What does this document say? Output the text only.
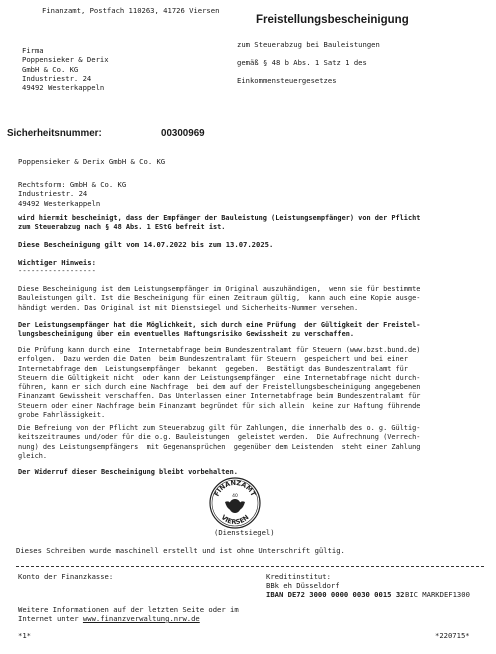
Finanzamt, Postfach 110263, 41726 Viersen
Freistellungsbescheinigung
zum Steuerabzug bei Bauleistungen
gemäß § 48 b Abs. 1 Satz 1 des
Einkommensteuergesetzes
Firma
Poppensieker & Derix
GmbH & Co. KG
Industriestr. 24
49492 Westerkappeln
Sicherheitsnummer:	00300969
Poppensieker & Derix GmbH & Co. KG
Rechtsform: GmbH & Co. KG
Industriestr. 24
49492 Westerkappeln
wird hiermit bescheinigt, dass der Empfänger der Bauleistung (Leistungsempfänger) von der Pflicht
zum Steuerabzug nach § 48 Abs. 1 EStG befreit ist.
Diese Bescheinigung gilt vom 14.07.2022 bis zum 13.07.2025.
Wichtiger Hinweis:
------------------
Diese Bescheinigung ist dem Leistungsempfänger im Original auszuhändigen,  wenn sie für bestimmte
Bauleistungen gilt. Ist die Bescheinigung für einen Zeitraum gültig,  kann auch eine Kopie ausge-
händigt werden. Das Original ist mit Dienstsiegel und Sicherheits-Nummer versehen.
Der Leistungsempfänger hat die Möglichkeit, sich durch eine Prüfung  der Gültigkeit der Freistel-
lungsbescheinigung über ein eventuelles Haftungsrisiko Gewissheit zu verschaffen.
Die Prüfung kann durch eine  Internetabfrage beim Bundeszentralamt für Steuern (www.bzst.bund.de)
erfolgen.  Dazu werden die Daten  beim Bundeszentralamt für Steuern  gespeichert und bei einer
Internetabfrage dem  Leistungsempfänger  bekannt  gegeben.  Bestätigt das Bundeszentralamt für
Steuern die Gültigkeit nicht  oder kann der Leistungsempfänger  eine Internetabfrage nicht durch-
führen, kann er sich durch eine Nachfrage  bei dem auf der Freistellungsbescheinigung angegebenen
Finanzamt Gewissheit verschaffen. Das Unterlassen einer Internetabfrage beim Bundeszentralamt für
Steuern oder einer Nachfrage beim Finanzamt begründet für sich allein  keine zur Haftung führende
grobe Fahrlässigkeit.
Die Befreiung von der Pflicht zum Steuerabzug gilt für Zahlungen, die innerhalb des o. g. Gültig-
keitszeitraumes und/oder für die o.g. Bauleistungen  geleistet werden.  Die Aufrechnung (Verrech-
nung) des Leistungsempfängers  mit Gegenansprüchen  gegenüber dem Leistenden  steht einer Zahlung
gleich.
Der Widerruf dieser Bescheinigung bleibt vorbehalten.
FINANZAMT
VIERSEN
40
(Dienstsiegel)
Dieses Schreiben wurde maschinell erstellt und ist ohne Unterschrift gültig.
Konto der Finanzkasse:	Kreditinstitut:
BBk eh Düsseldorf
IBAN DE72 3000 0000 0030 0015 32 BIC MARKDEF1300
Weitere Informationen auf der letzten Seite oder im
Internet unter www.finanzverwaltung.nrw.de
*1*	*220715*
